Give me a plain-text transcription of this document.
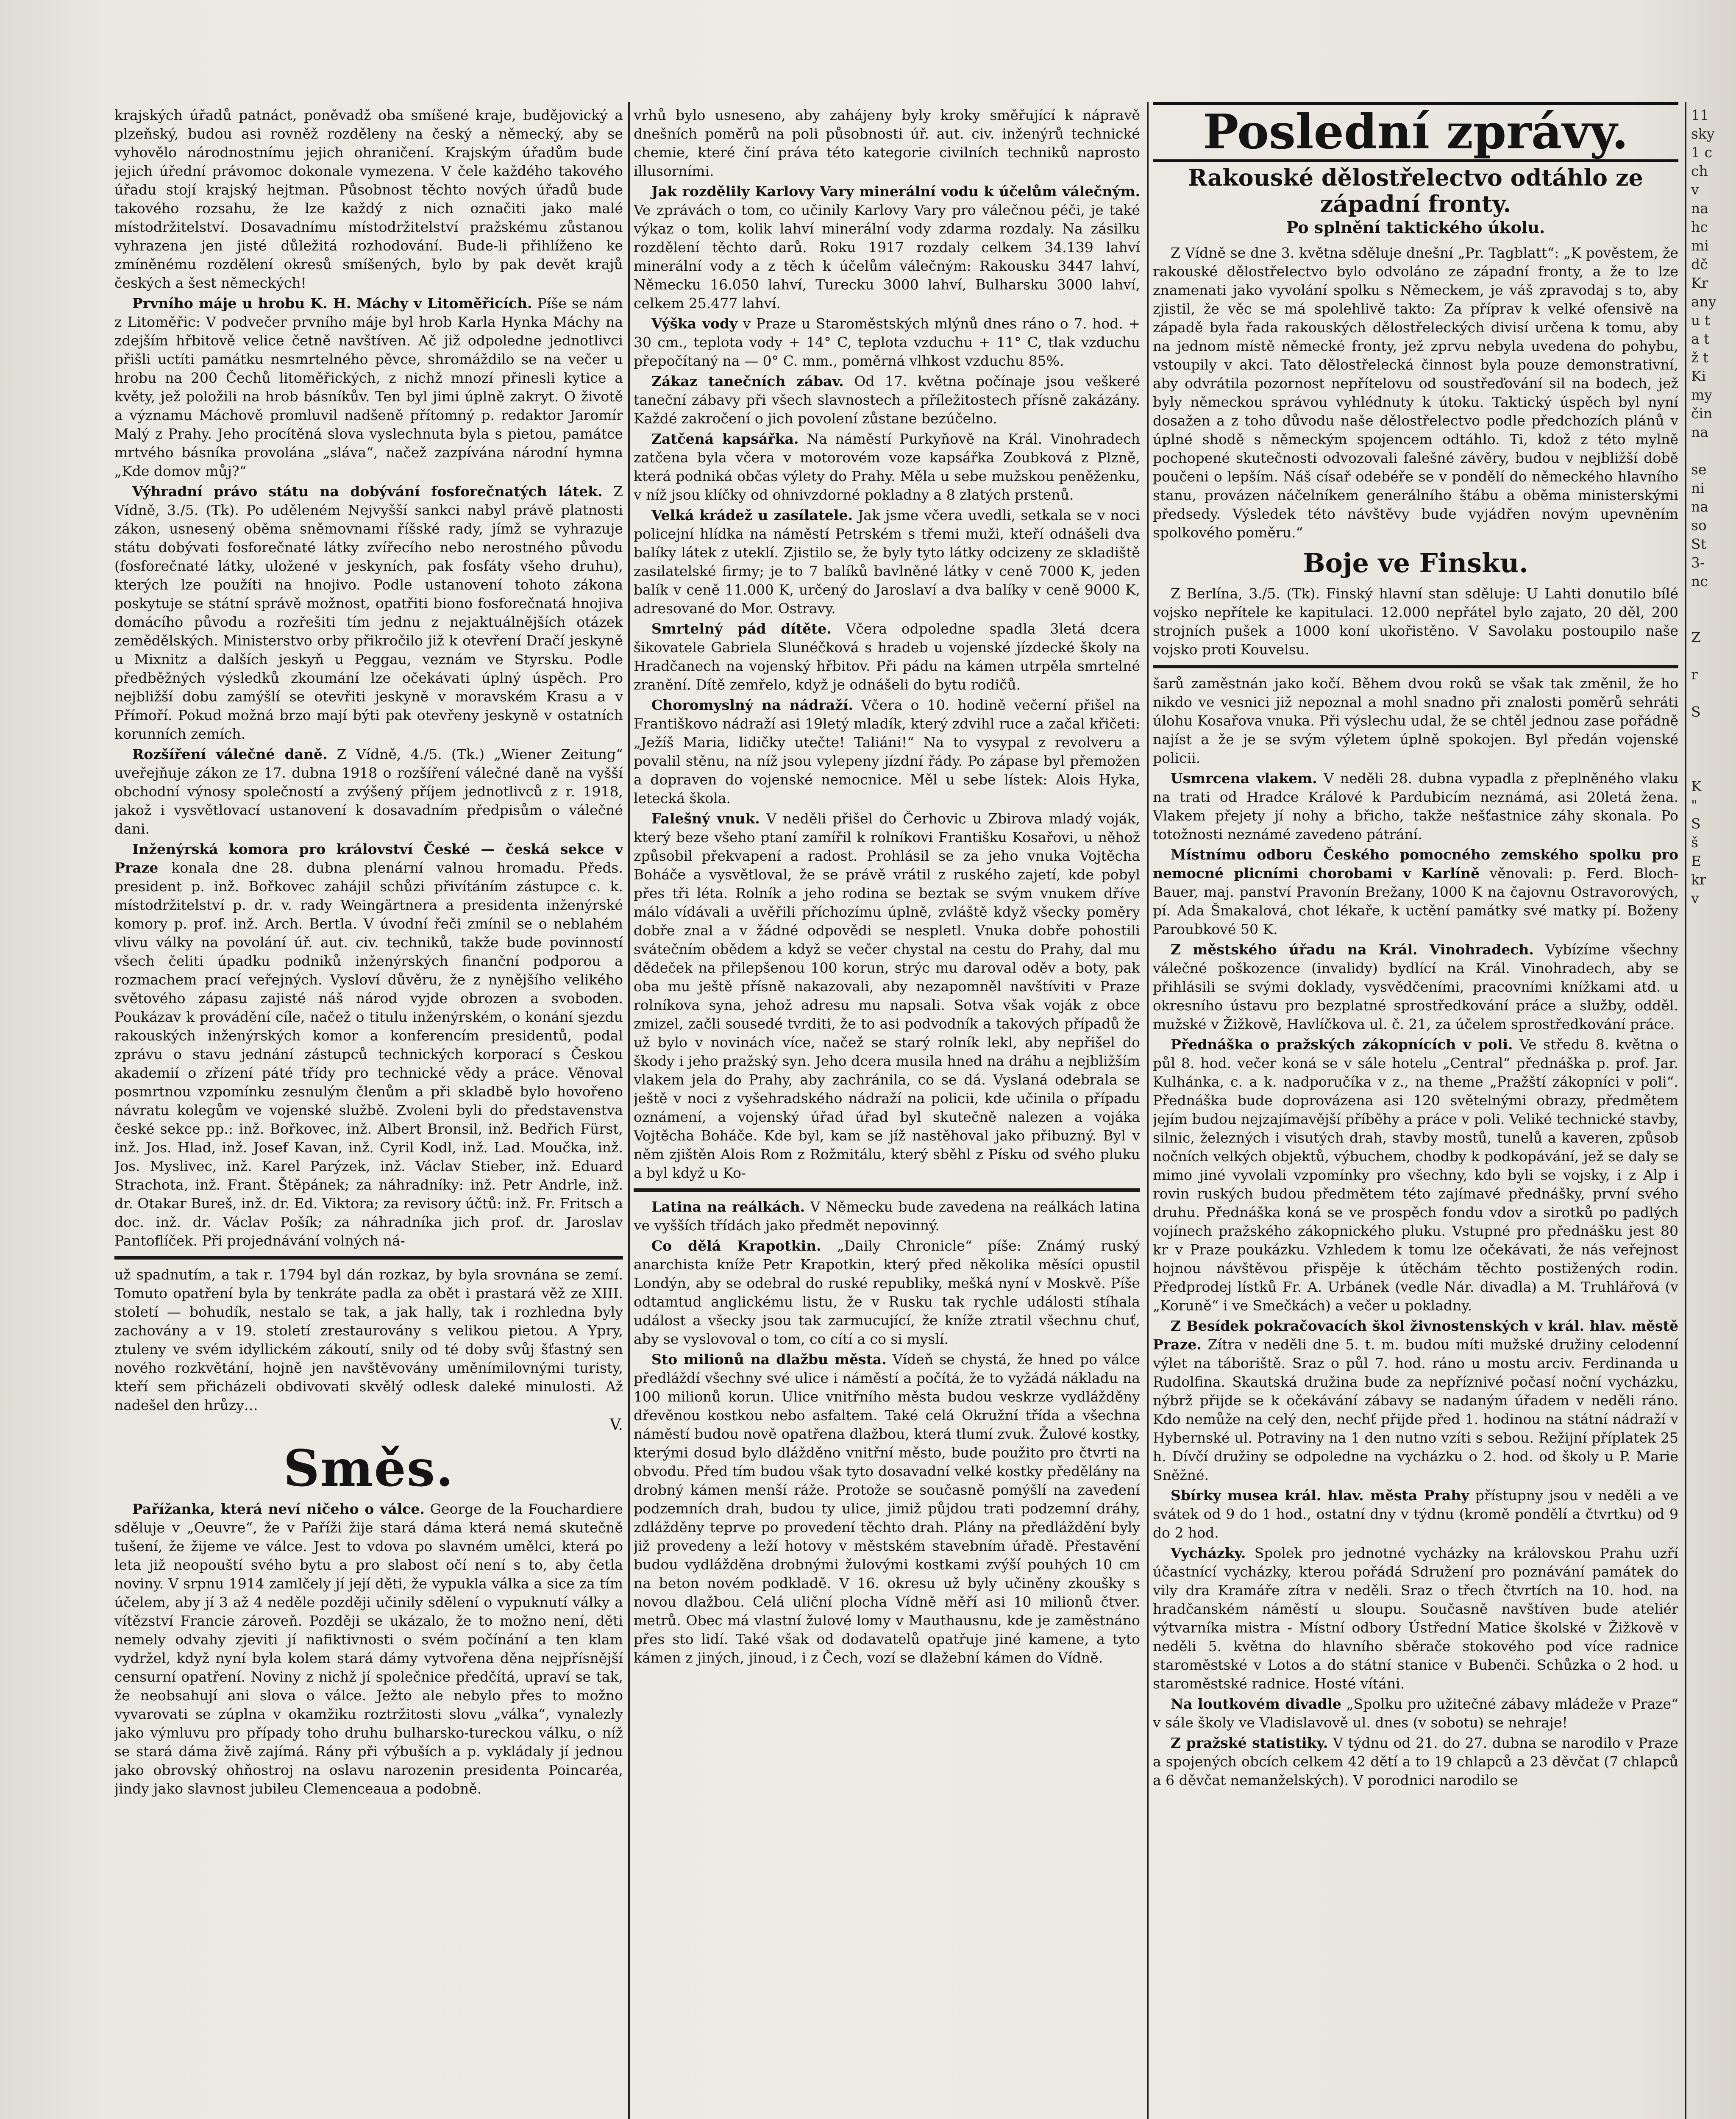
krajských úřadů patnáct, poněvadž oba smíšené kraje, budějovický a plzeňský, budou asi rovněž rozděleny na český a německý, aby se vyhovělo národnostnímu jejich ohraničení. Krajským úřadům bude jejich úřední právomoc dokonale vymezena. V čele každého takového úřadu stojí krajský hejtman. Působnost těchto nových úřadů bude takového rozsahu, že lze každý z nich označiti jako malé místodržitelství. Dosavadnímu místodržitelství pražskému zůstanou vyhrazena jen jisté důležitá rozhodování. Bude-li přihlíženo ke zmíněnému rozdělení okresů smíšených, bylo by pak devět krajů českých a šest německých!

Prvního máje u hrobu K. H. Máchy v Litoměřicích. Píše se nám z Litoměřic: V podvečer prvního máje byl hrob Karla Hynka Máchy na zdejším hřbitově velice četně navštíven. Ač již odpoledne jednotlivci přišli uctíti památku nesmrtelného pěvce, shromáždilo se na večer u hrobu na 200 Čechů litoměřických, z nichž mnozí přinesli kytice a květy, jež položili na hrob básníkův. Ten byl jimi úplně zakryt. O životě a významu Máchově promluvil nadšeně přítomný p. redaktor Jaromír Malý z Prahy. Jeho procítěná slova vyslechnuta byla s pietou, památce mrtvého básníka provolána „sláva“, načež zazpívána národní hymna „Kde domov můj?“

Výhradní právo státu na dobývání fosforečnatých látek. Z Vídně, 3./5. (Tk). Po uděleném Nejvyšší sankci nabyl právě platnosti zákon, usnesený oběma sněmovnami říšské rady, jímž se vyhrazuje státu dobývati fosforečnaté látky zvířecího nebo nerostného původu (fosforečnaté látky, uložené v jeskyních, pak fosfáty všeho druhu), kterých lze použíti na hnojivo. Podle ustanovení tohoto zákona poskytuje se státní správě možnost, opatřiti biono fosforečnatá hnojiva domácího původu a rozřešiti tím jednu z nejaktuálnějších otázek zemědělských. Ministerstvo orby přikročilo již k otevření Dračí jeskyně u Mixnitz a dalších jeskyň u Peggau, veznám ve Styrsku. Podle předběžných výsledků zkoumání lze očekávati úplný úspěch. Pro nejbližší dobu zamýšlí se otevřiti jeskyně v moravském Krasu a v Přímoří. Pokud možná brzo mají býti pak otevřeny jeskyně v ostatních korunních zemích.

Rozšíření válečné daně. Z Vídně, 4./5. (Tk.) „Wiener Zeitung“ uveřejňuje zákon ze 17. dubna 1918 o rozšíření válečné daně na vyšší obchodní výnosy společností a zvýšený příjem jednotlivců z r. 1918, jakož i vysvětlovací ustanovení k dosavadním předpisům o válečné dani.

Inženýrská komora pro království České — česká sekce v Praze konala dne 28. dubna plenární valnou hromadu. Předs. president p. inž. Bořkovec zahájil schůzi přivítáním zástupce c. k. místodržitelství p. dr. v. rady Weingärtnera a presidenta inženýrské komory p. prof. inž. Arch. Bertla. V úvodní řeči zmínil se o neblahém vlivu války na povolání úř. aut. civ. techniků, takže bude povinností všech čeliti úpadku podniků inženýrských finanční podporou a rozmachem prací veřejných. Vysloví důvěru, že z nynějšího velikého světového zápasu zajisté náš národ vyjde obrozen a svoboden. Poukázav k provádění cíle, načež o titulu inženýrském, o konání sjezdu rakouských inženýrských komor a konferencím presidentů, podal zprávu o stavu jednání zástupců technických korporací s Českou akademií o zřízení páté třídy pro technické vědy a práce. Věnoval posmrtnou vzpomínku zesnulým členům a při skladbě bylo hovořeno návratu kolegům ve vojenské službě. Zvoleni byli do představenstva české sekce pp.: inž. Bořkovec, inž. Albert Bronsil, inž. Bedřich Fürst, inž. Jos. Hlad, inž. Josef Kavan, inž. Cyril Kodl, inž. Lad. Moučka, inž. Jos. Myslivec, inž. Karel Parýzek, inž. Václav Stieber, inž. Eduard Strachota, inž. Frant. Štěpánek; za náhradníky: inž. Petr Andrle, inž. dr. Otakar Bureš, inž. dr. Ed. Viktora; za revisory účtů: inž. Fr. Fritsch a doc. inž. dr. Václav Pošík; za náhradníka jich prof. dr. Jaroslav Pantoflíček. Při projednávání volných ná-

už spadnutím, a tak r. 1794 byl dán rozkaz, by byla srovnána se zemí. Tomuto opatření byla by tenkráte padla za obět i prastará věž ze XIII. století — bohudík, nestalo se tak, a jak hally, tak i rozhledna byly zachovány a v 19. století zrestaurovány s velikou pietou. A Ypry, ztuleny ve svém idyllickém zákoutí, snily od té doby svůj šťastný sen nového rozkvětání, hojně jen navštěvovány uměnímilovnými turisty, kteří sem přicházeli obdivovati skvělý odlesk daleké minulosti. Až nadešel den hrůzy…

V.
Směs.

Pařížanka, která neví ničeho o válce. George de la Fouchardiere sděluje v „Oeuvre“, že v Paříži žije stará dáma která nemá skutečně tušení, že žijeme ve válce. Jest to vdova po slavném umělci, která po leta již neopouští svého bytu a pro slabost očí není s to, aby četla noviny. V srpnu 1914 zamlčely jí její děti, že vypukla válka a sice za tím účelem, aby jí 3 až 4 neděle později učinily sdělení o vypuknutí války a vítězství Francie zároveň. Později se ukázalo, že to možno není, děti nemely odvahy zjeviti jí nafiktivnosti o svém počínání a ten klam vydržel, když nyní byla kolem stará dámy vytvořena děna nejpřísnější censurní opatření. Noviny z nichž jí společnice předčítá, upraví se tak, že neobsahují ani slova o válce. Ježto ale nebylo přes to možno vyvarovati se zúplna v okamžiku roztržitosti slovu „válka“, vynalezly jako výmluvu pro případy toho druhu bulharsko-tureckou válku, o níž se stará dáma živě zajímá. Rány při výbuších a p. vykládaly jí jednou jako obrovský ohňostroj na oslavu narozenin presidenta Poincaréa, jindy jako slavnost jubileu Clemenceaua a podobně.

vrhů bylo usneseno, aby zahájeny byly kroky směřující k nápravě dnešních poměrů na poli působnosti úř. aut. civ. inženýrů technické chemie, které činí práva této kategorie civilních techniků naprosto illusorními.

Jak rozdělily Karlovy Vary minerální vodu k účelům válečným. Ve zprávách o tom, co učinily Karlovy Vary pro válečnou péči, je také výkaz o tom, kolik lahví minerální vody zdarma rozdaly. Na zásilku rozdělení těchto darů. Roku 1917 rozdaly celkem 34.139 lahví minerální vody a z těch k účelům válečným: Rakousku 3447 lahví, Německu 16.050 lahví, Turecku 3000 lahví, Bulharsku 3000 lahví, celkem 25.477 lahví.

Výška vody v Praze u Staroměstských mlýnů dnes ráno o 7. hod. + 30 cm., teplota vody + 14° C, teplota vzduchu + 11° C, tlak vzduchu přepočítaný na — 0° C. mm., poměrná vlhkost vzduchu 85%.

Zákaz tanečních zábav. Od 17. května počínaje jsou veškeré taneční zábavy při všech slavnostech a příležitostech přísně zakázány. Každé zakročení o jich povolení zůstane bezúčelno.

Zatčená kapsářka. Na náměstí Purkyňově na Král. Vinohradech zatčena byla včera v motorovém voze kapsářka Zoubková z Plzně, která podniká občas výlety do Prahy. Měla u sebe mužskou peněženku, v níž jsou klíčky od ohnivzdorné pokladny a 8 zlatých prstenů.

Velká krádež u zasílatele. Jak jsme včera uvedli, setkala se v noci policejní hlídka na náměstí Petrském s třemi muži, kteří odnášeli dva balíky látek z uteklí. Zjistilo se, že byly tyto látky odcizeny ze skladiště zasilatelské firmy; je to 7 balíků bavlněné látky v ceně 7000 K, jeden balík v ceně 11.000 K, určený do Jaroslaví a dva balíky v ceně 9000 K, adresované do Mor. Ostravy.

Smrtelný pád dítěte. Včera odpoledne spadla 3letá dcera šikovatele Gabriela Slunéčková s hradeb u vojenské jízdecké školy na Hradčanech na vojenský hřbitov. Při pádu na kámen utrpěla smrtelné zranění. Dítě zemřelo, když je odnášeli do bytu rodičů.

Choromyslný na nádraží. Včera o 10. hodině večerní přišel na Františkovo nádraží asi 19letý mladík, který zdvihl ruce a začal křičeti: „Ježíš Maria, lidičky utečte! Taliáni!“ Na to vysypal z revolveru a povalil stěnu, na níž jsou vylepeny jízdní řády. Po zápase byl přemožen a dopraven do vojenské nemocnice. Měl u sebe lístek: Alois Hyka, letecká škola.

Falešný vnuk. V neděli přišel do Čerhovic u Zbirova mladý voják, který beze všeho ptaní zamířil k rolníkovi Františku Kosařovi, u něhož způsobil překvapení a radost. Prohlásil se za jeho vnuka Vojtěcha Boháče a vysvětloval, že se právě vrátil z ruského zajetí, kde pobyl přes tři léta. Rolník a jeho rodina se beztak se svým vnukem dříve málo vídávali a uvěřili příchozímu úplně, zvláště když všecky poměry dobře znal a v žádné odpovědi se nespletl. Vnuka dobře pohostili svátečním obědem a když se večer chystal na cestu do Prahy, dal mu dědeček na přilepšenou 100 korun, strýc mu daroval oděv a boty, pak oba mu ještě přísně nakazovali, aby nezapomněl navštíviti v Praze rolníkova syna, jehož adresu mu napsali. Sotva však voják z obce zmizel, začli sousedé tvrditi, že to asi podvodník a takových případů že už bylo v novinách více, načež se starý rolník lekl, aby nepřišel do škody i jeho pražský syn. Jeho dcera musila hned na dráhu a nejbližším vlakem jela do Prahy, aby zachránila, co se dá. Vyslaná odebrala se ještě v noci z vyšehradského nádraží na policii, kde učinila o případu oznámení, a vojenský úřad úřad byl skutečně nalezen a vojáka Vojtěcha Boháče. Kde byl, kam se jíž nastěhoval jako přibuzný. Byl v něm zjištěn Alois Rom z Rožmitálu, který sběhl z Písku od svého pluku a byl když u Ko-

Latina na reálkách. V Německu bude zavedena na reálkách latina ve vyšších třídách jako předmět nepovinný.

Co dělá Krapotkin. „Daily Chronicle“ píše: Známý ruský anarchista kníže Petr Krapotkin, který před několika měsíci opustil Londýn, aby se odebral do ruské republiky, mešká nyní v Moskvě. Píše odtamtud anglickému listu, že v Rusku tak rychle události stíhala událost a všecky jsou tak zarmucující, že kníže ztratil všechnu chuť, aby se vyslovoval o tom, co cítí a co si myslí.

Sto milionů na dlažbu města. Vídeň se chystá, že hned po válce předláždí všechny své ulice i náměstí a počítá, že to vyžádá nákladu na 100 milionů korun. Ulice vnitřního města budou veskrze vydlážděny dřevěnou kostkou nebo asfaltem. Také celá Okružní třída a všechna náměstí budou nově opatřena dlažbou, která tlumí zvuk. Žulové kostky, kterými dosud bylo dlážděno vnitřní město, bude použito pro čtvrti na obvodu. Před tím budou však tyto dosavadní velké kostky předělány na drobný kámen menší ráže. Protože se současně pomýšlí na zavedení podzemních drah, budou ty ulice, jimiž půjdou trati podzemní dráhy, zdlážděny teprve po provedení těchto drah. Plány na předláždění byly již provedeny a leží hotovy v městském stavebním úřadě. Přestavění budou vydlážděna drobnými žulovými kostkami zvýší pouhých 10 cm na beton novém podkladě. V 16. okresu už byly učiněny zkoušky s novou dlažbou. Celá uliční plocha Vídně měří asi 10 milionů čtver. metrů. Obec má vlastní žulové lomy v Mauthausnu, kde je zaměstnáno přes sto lidí. Také však od dodavatelů opatřuje jiné kamene, a tyto kámen z jiných, jinoud, i z Čech, vozí se dlažební kámen do Vídně.

Poslední zprávy.
Rakouské dělostřelectvo odtáhlo ze západní fronty.
Po splnění taktického úkolu.

Z Vídně se dne 3. května sděluje dnešní „Pr. Tagblatt“: „K pověstem, že rakouské dělostřelectvo bylo odvoláno ze západní fronty, a že to lze znamenati jako vyvolání spolku s Německem, je váš zpravodaj s to, aby zjistil, že věc se má spolehlivě takto: Za příprav k velké ofensivě na západě byla řada rakouských dělostřeleckých divisí určena k tomu, aby na jednom místě německé fronty, jež zprvu nebyla uvedena do pohybu, vstoupily v akci. Tato dělostřelecká činnost byla pouze demonstrativní, aby odvrátila pozornost nepřítelovu od soustřeďování sil na bodech, jež byly německou správou vyhlédnuty k útoku. Taktický úspěch byl nyní dosažen a z toho důvodu naše dělostřelectvo podle předchozích plánů v úplné shodě s německým spojencem odtáhlo. Ti, kdož z této mylně pochopené skutečnosti odvozovali falešné závěry, budou v nejbližší době poučeni o lepším. Náš císař odebéře se v pondělí do německého hlavního stanu, provázen náčelníkem generálního štábu a oběma ministerskými předsedy. Výsledek této návštěvy bude vyjádřen novým upevněním spolkového poměru.“

Boje ve Finsku.

Z Berlína, 3./5. (Tk). Finský hlavní stan sděluje: U Lahti donutilo bílé vojsko nepřítele ke kapitulaci. 12.000 nepřátel bylo zajato, 20 děl, 200 strojních pušek a 1000 koní ukořistěno. V Savolaku postoupilo naše vojsko proti Kouvelsu.

šarů zaměstnán jako kočí. Během dvou roků se však tak změnil, že ho nikdo ve vesnici již nepoznal a mohl snadno při znalosti poměrů sehráti úlohu Kosařova vnuka. Při výslechu udal, že se chtěl jednou zase pořádně najíst a že je se svým výletem úplně spokojen. Byl předán vojenské policii.

Usmrcena vlakem. V neděli 28. dubna vypadla z přeplněného vlaku na trati od Hradce Králové k Pardubicím neznámá, asi 20letá žena. Vlakem přejety jí nohy a břicho, takže nešťastnice záhy skonala. Po totožnosti neznámé zavedeno pátrání.

Místnímu odboru Českého pomocného zemského spolku pro nemocné plicními chorobami v Karlíně věnovali: p. Ferd. Bloch-Bauer, maj. panství Pravonín Brežany, 1000 K na čajovnu Ostravorových, pí. Ada Šmakalová, chot lékaře, k uctění památky své matky pí. Boženy Paroubkové 50 K.

Z městského úřadu na Král. Vinohradech. Vybízíme všechny válečné poškozence (invalidy) bydlící na Král. Vinohradech, aby se přihlásili se svými doklady, vysvědčeními, pracovními knížkami atd. u okresního ústavu pro bezplatné sprostředkování práce a služby, odděl. mužské v Žižkově, Havlíčkova ul. č. 21, za účelem sprostředkování práce.

Přednáška o pražských zákopnících v poli. Ve středu 8. května o půl 8. hod. večer koná se v sále hotelu „Central“ přednáška p. prof. Jar. Kulhánka, c. a k. nadporučíka v z., na theme „Pražští zákopníci v poli“. Přednáška bude doprovázena asi 120 světelnými obrazy, předmětem jejím budou nejzajímavější příběhy a práce v poli. Veliké technické stavby, silnic, železných i visutých drah, stavby mostů, tunelů a kaveren, způsob nočních velkých objektů, výbuchem, chodby k podkopávání, jež se daly se mimo jiné vyvolali vzpomínky pro všechny, kdo byli se vojsky, i z Alp i rovin ruských budou předmětem této zajímavé přednášky, první svého druhu. Přednáška koná se ve prospěch fondu vdov a sirotků po padlých vojínech pražského zákopnického pluku. Vstupné pro přednášku jest 80 kr v Praze poukázku. Vzhledem k tomu lze očekávati, že nás veřejnost hojnou návštěvou přispěje k útěchám těchto postižených rodin. Předprodej lístků Fr. A. Urbánek (vedle Nár. divadla) a M. Truhlářová (v „Koruně“ i ve Smečkách) a večer u pokladny.

Z Besídek pokračovacích škol živnostenských v král. hlav. městě Praze. Zítra v neděli dne 5. t. m. budou míti mužské družiny celodenní výlet na táboriště. Sraz o půl 7. hod. ráno u mostu arciv. Ferdinanda u Rudolfina. Skautská družina bude za nepříznivé počasí noční vycházku, nýbrž přijde se k očekávání zábavy se nadaným úřadem v neděli ráno. Kdo nemůže na celý den, nechť přijde před 1. hodinou na státní nádraží v Hybernské ul. Potraviny na 1 den nutno vzíti s sebou. Režijní příplatek 25 h. Dívčí družiny se odpoledne na vycházku o 2. hod. od školy u P. Marie Sněžné.

Sbírky musea král. hlav. města Prahy přístupny jsou v neděli a ve svátek od 9 do 1 hod., ostatní dny v týdnu (kromě pondělí a čtvrtku) od 9 do 2 hod.

Vycházky. Spolek pro jednotné vycházky na královskou Prahu uzří účastnící vycházky, kterou pořádá Sdružení pro poznávání památek do vily dra Kramáře zítra v neděli. Sraz o třech čtvrtích na 10. hod. na hradčanském náměstí u sloupu. Současně navštíven bude ateliér výtvarníka mistra - Místní odbory Ústřední Matice školské v Žižkově v neděli 5. května do hlavního sběrače stokového pod více radnice staroměstské v Lotos a do státní stanice v Bubenči. Schůzka o 2 hod. u staroměstské radnice. Hosté vítáni.

Na loutkovém divadle „Spolku pro užitečné zábavy mládeže v Praze“ v sále školy ve Vladislavově ul. dnes (v sobotu) se nehraje!

Z pražské statistiky. V týdnu od 21. do 27. dubna se narodilo v Praze a spojených obcích celkem 42 dětí a to 19 chlapců a 23 děvčat (7 chlapců a 6 děvčat nemanželských). V porodnici narodilo se

11
sky
1 c
ch
v
na
hc
mi
dč
Kr
any
u t
a t
ž t
Ki
my
čin
na

se
ni
na
so
St
3-
nc

Z

r

S

K
"
S
š
E
kr
v
